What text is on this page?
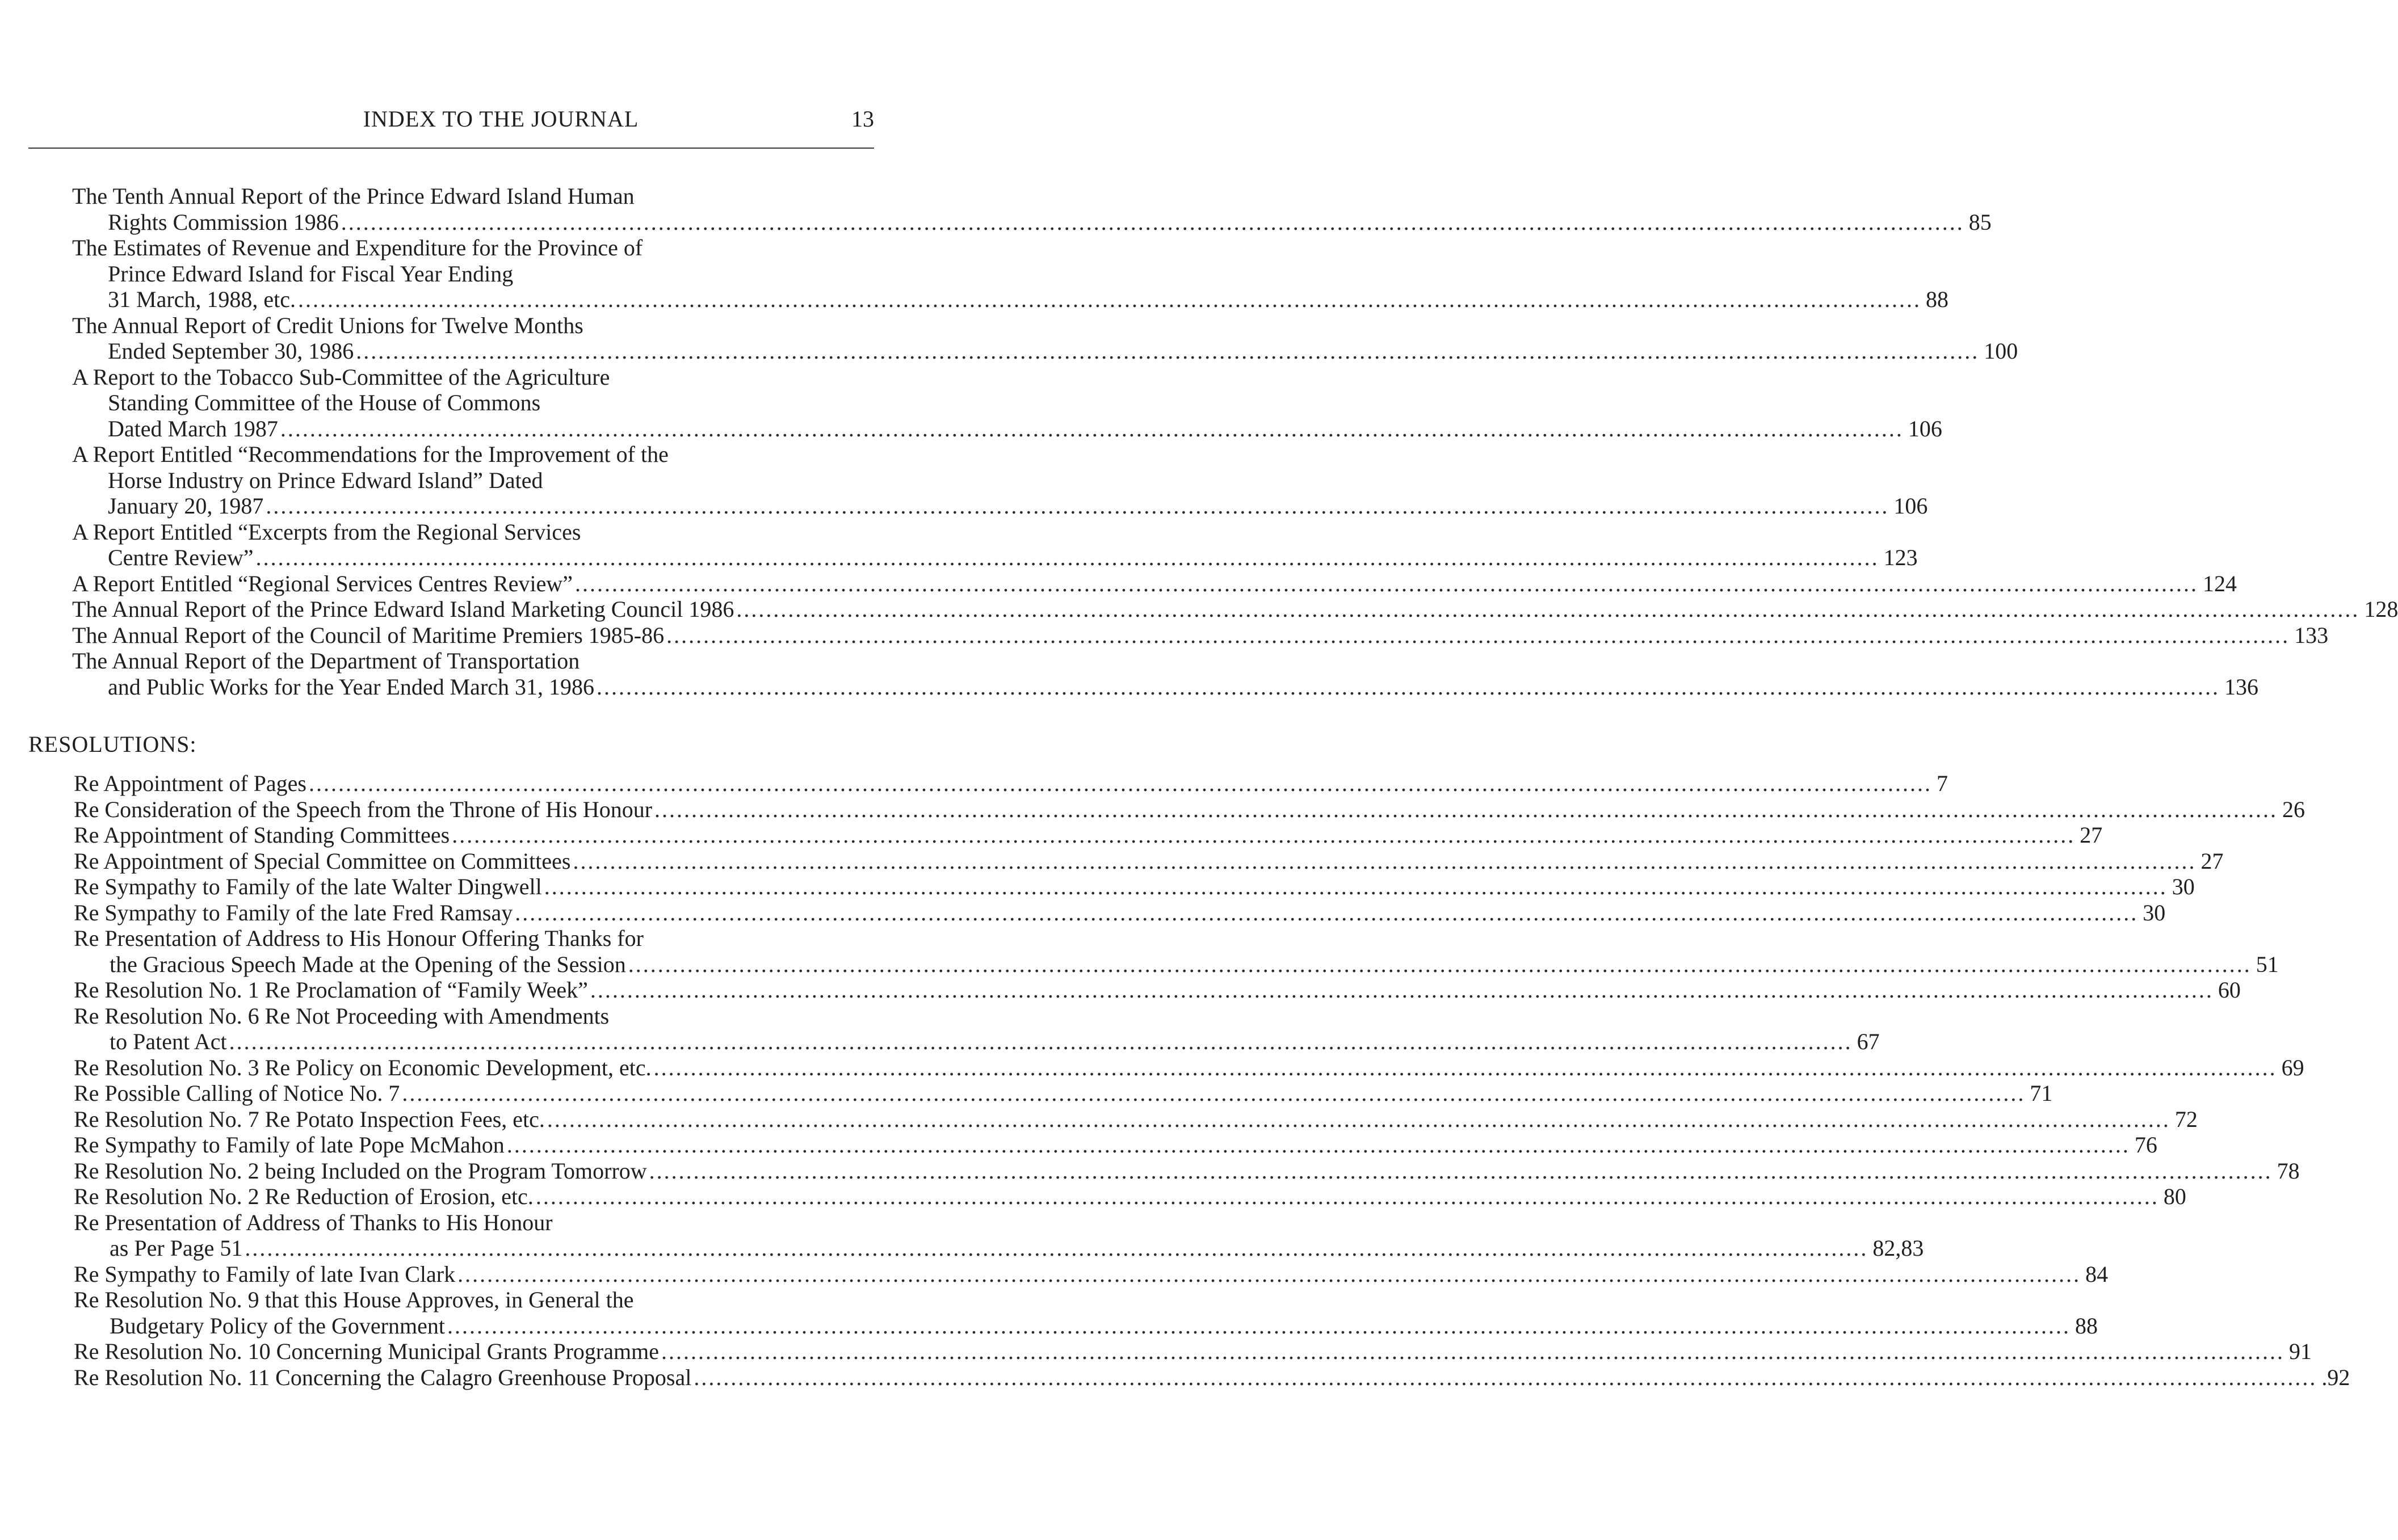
INDEX TO THE JOURNAL	13
The Tenth Annual Report of the Prince Edward Island Human
Rights Commission 1986 ............................................................................................................................................................................................................................ 85
The Estimates of Revenue and Expenditure for the Province of
Prince Edward Island for Fiscal Year Ending
31 March, 1988, etc. ............................................................................................................................................................................................................................ 88
The Annual Report of Credit Unions for Twelve Months
Ended September 30, 1986 ............................................................................................................................................................................................................................ 100
A Report to the Tobacco Sub-Committee of the Agriculture
Standing Committee of the House of Commons
Dated March 1987 ............................................................................................................................................................................................................................ 106
A Report Entitled “Recommendations for the Improvement of the
Horse Industry on Prince Edward Island” Dated
January 20, 1987 ............................................................................................................................................................................................................................ 106
A Report Entitled “Excerpts from the Regional Services
Centre Review” ............................................................................................................................................................................................................................ 123
A Report Entitled “Regional Services Centres Review” ............................................................................................................................................................................................................................ 124
The Annual Report of the Prince Edward Island Marketing Council 1986 ............................................................................................................................................................................................................................ 128
The Annual Report of the Council of Maritime Premiers 1985-86 ............................................................................................................................................................................................................................ 133
The Annual Report of the Department of Transportation
and Public Works for the Year Ended March 31, 1986 ............................................................................................................................................................................................................................ 136
RESOLUTIONS:
Re Appointment of Pages ............................................................................................................................................................................................................................ 7
Re Consideration of the Speech from the Throne of His Honour ............................................................................................................................................................................................................................ 26
Re Appointment of Standing Committees ............................................................................................................................................................................................................................ 27
Re Appointment of Special Committee on Committees ............................................................................................................................................................................................................................ 27
Re Sympathy to Family of the late Walter Dingwell ............................................................................................................................................................................................................................ 30
Re Sympathy to Family of the late Fred Ramsay ............................................................................................................................................................................................................................ 30
Re Presentation of Address to His Honour Offering Thanks for
the Gracious Speech Made at the Opening of the Session ............................................................................................................................................................................................................................ 51
Re Resolution No. 1 Re Proclamation of “Family Week” ............................................................................................................................................................................................................................ 60
Re Resolution No. 6 Re Not Proceeding with Amendments
to Patent Act ............................................................................................................................................................................................................................ 67
Re Resolution No. 3 Re Policy on Economic Development, etc. ............................................................................................................................................................................................................................ 69
Re Possible Calling of Notice No. 7 ............................................................................................................................................................................................................................ 71
Re Resolution No. 7 Re Potato Inspection Fees, etc. ............................................................................................................................................................................................................................ 72
Re Sympathy to Family of late Pope McMahon ............................................................................................................................................................................................................................ 76
Re Resolution No. 2 being Included on the Program Tomorrow ............................................................................................................................................................................................................................ 78
Re Resolution No. 2 Re Reduction of Erosion, etc. ............................................................................................................................................................................................................................ 80
Re Presentation of Address of Thanks to His Honour
as Per Page 51 ............................................................................................................................................................................................................................ 82,83
Re Sympathy to Family of late Ivan Clark ............................................................................................................................................................................................................................ 84
Re Resolution No. 9 that this House Approves, in General the
Budgetary Policy of the Government ............................................................................................................................................................................................................................ 88
Re Resolution No. 10 Concerning Municipal Grants Programme ............................................................................................................................................................................................................................ 91
Re Resolution No. 11 Concerning the Calagro Greenhouse Proposal ............................................................................................................................................................................................................................ .92
